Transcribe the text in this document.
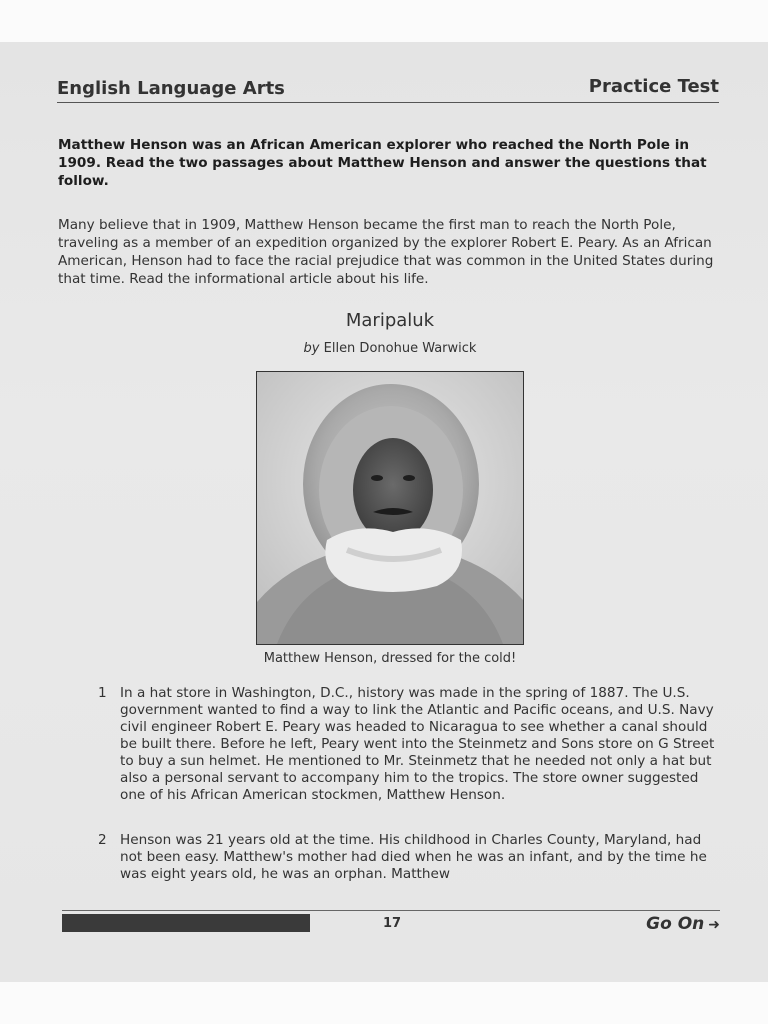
English Language Arts	Practice Test
Matthew Henson was an African American explorer who reached the North Pole in 1909. Read the two passages about Matthew Henson and answer the questions that follow.
Many believe that in 1909, Matthew Henson became the first man to reach the North Pole, traveling as a member of an expedition organized by the explorer Robert E. Peary. As an African American, Henson had to face the racial prejudice that was common in the United States during that time. Read the informational article about his life.
Maripaluk
by Ellen Donohue Warwick
Matthew Henson, dressed for the cold!
1 In a hat store in Washington, D.C., history was made in the spring of 1887. The U.S. government wanted to find a way to link the Atlantic and Pacific oceans, and U.S. Navy civil engineer Robert E. Peary was headed to Nicaragua to see whether a canal should be built there. Before he left, Peary went into the Steinmetz and Sons store on G Street to buy a sun helmet. He mentioned to Mr. Steinmetz that he needed not only a hat but also a personal servant to accompany him to the tropics. The store owner suggested one of his African American stockmen, Matthew Henson.
2 Henson was 21 years old at the time. His childhood in Charles County, Maryland, had not been easy. Matthew's mother had died when he was an infant, and by the time he was eight years old, he was an orphan. Matthew
17	Go On ➜
